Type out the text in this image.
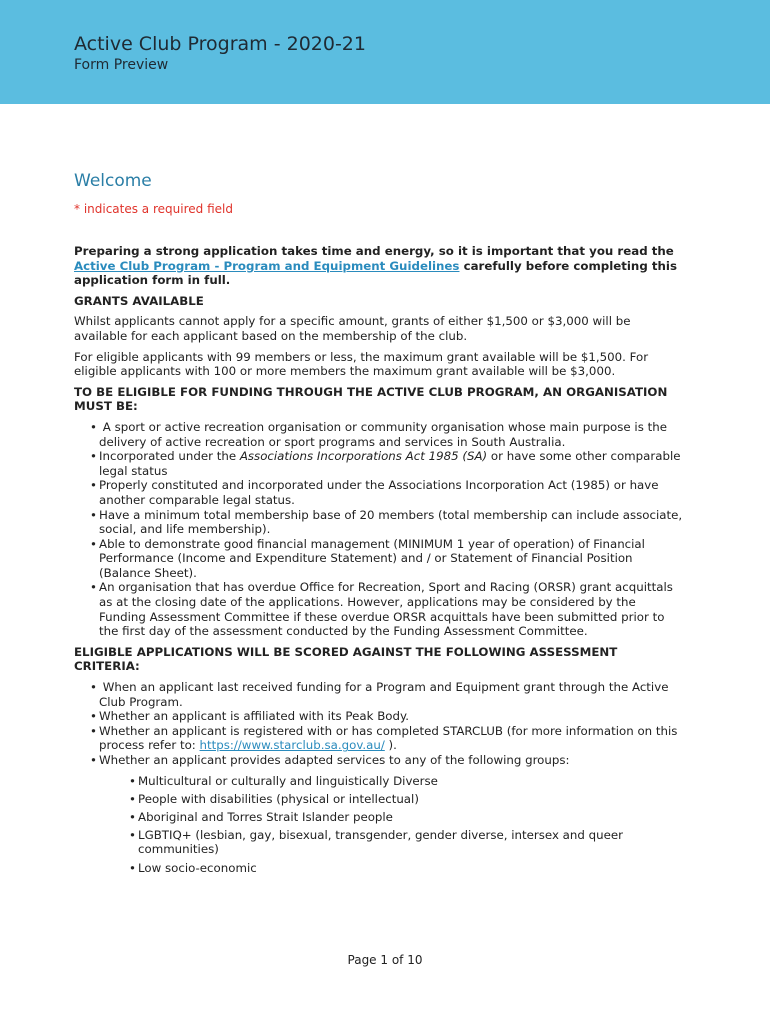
Active Club Program - 2020-21
Form Preview
Welcome
* indicates a required field

Preparing a strong application takes time and energy, so it is important that you read the Active Club Program - Program and Equipment Guidelines carefully before completing this application form in full.

GRANTS AVAILABLE

Whilst applicants cannot apply for a specific amount, grants of either $1,500 or $3,000 will be available for each applicant based on the membership of the club.

For eligible applicants with 99 members or less, the maximum grant available will be $1,500. For eligible applicants with 100 or more members the maximum grant available will be $3,000.

TO BE ELIGIBLE FOR FUNDING THROUGH THE ACTIVE CLUB PROGRAM, AN ORGANISATION MUST BE:
• A sport or active recreation organisation or community organisation whose main purpose is the delivery of active recreation or sport programs and services in South Australia.
• Incorporated under the Associations Incorporations Act 1985 (SA) or have some other comparable legal status
• Properly constituted and incorporated under the Associations Incorporation Act (1985) or have another comparable legal status.
• Have a minimum total membership base of 20 members (total membership can include associate, social, and life membership).
• Able to demonstrate good financial management (MINIMUM 1 year of operation) of Financial Performance (Income and Expenditure Statement) and / or Statement of Financial Position (Balance Sheet).
• An organisation that has overdue Office for Recreation, Sport and Racing (ORSR) grant acquittals as at the closing date of the applications. However, applications may be considered by the Funding Assessment Committee if these overdue ORSR acquittals have been submitted prior to the first day of the assessment conducted by the Funding Assessment Committee.
ELIGIBLE APPLICATIONS WILL BE SCORED AGAINST THE FOLLOWING ASSESSMENT CRITERIA:
• When an applicant last received funding for a Program and Equipment grant through the Active Club Program.
• Whether an applicant is affiliated with its Peak Body.
• Whether an applicant is registered with or has completed STARCLUB (for more information on this process refer to: https://www.starclub.sa.gov.au/ ).
• Whether an applicant provides adapted services to any of the following groups:
• Multicultural or culturally and linguistically Diverse
• People with disabilities (physical or intellectual)
• Aboriginal and Torres Strait Islander people
• LGBTIQ+ (lesbian, gay, bisexual, transgender, gender diverse, intersex and queer communities)
• Low socio-economic
Page 1 of 10
